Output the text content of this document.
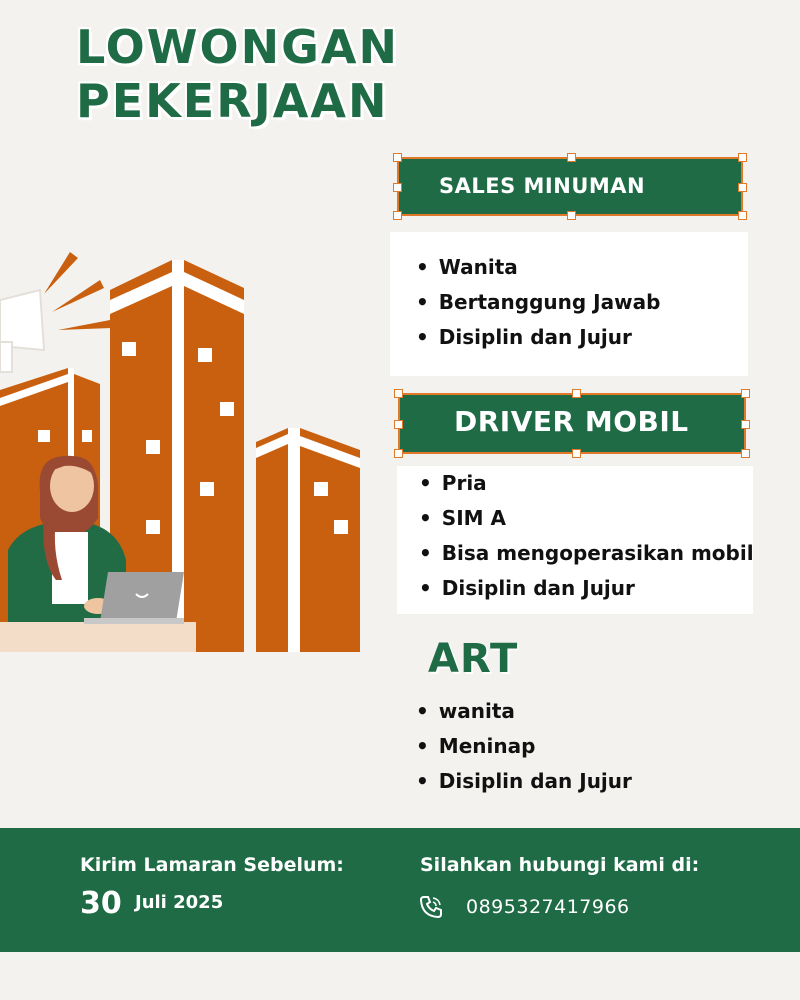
LOWONGAN
PEKERJAAN
SALES MINUMAN
• Wanita
• Bertanggung Jawab
• Disiplin dan Jujur
DRIVER MOBIL
• Pria
• SIM A
• Bisa mengoperasikan mobil
• Disiplin dan Jujur
ART
• wanita
• Meninap
• Disiplin dan Jujur
Kirim Lamaran Sebelum:
30 Juli 2025
Silahkan hubungi kami di:
0895327417966
